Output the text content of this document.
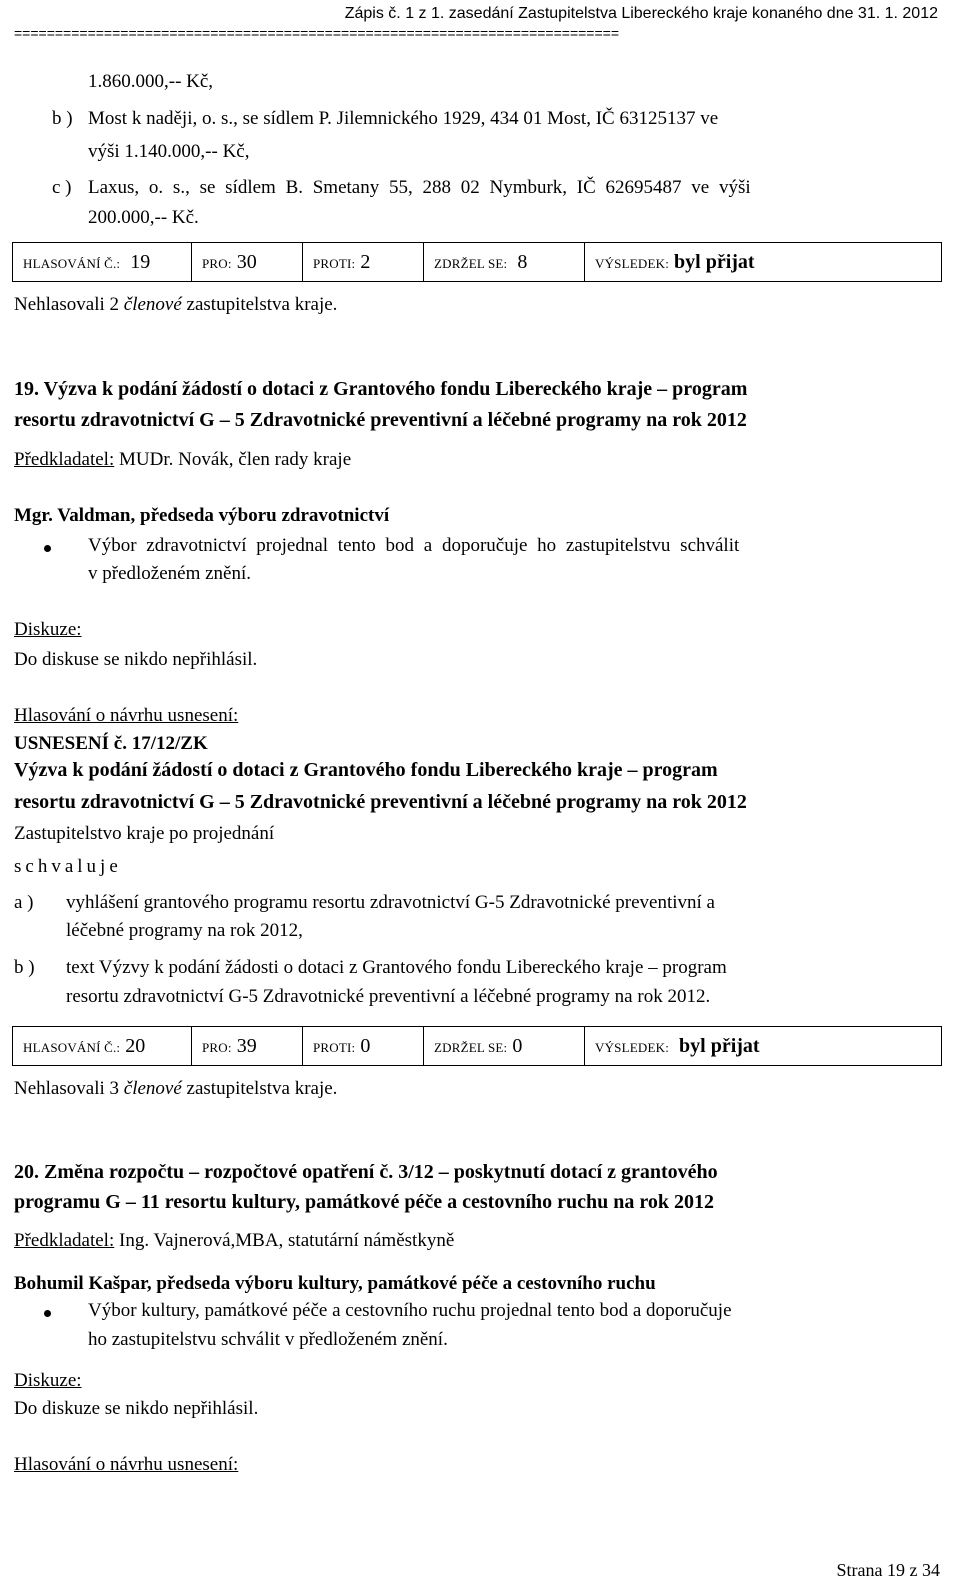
Zápis č. 1 z 1. zasedání Zastupitelstva Libereckého kraje konaného dne 31. 1. 2012
==========================================================================
1.860.000,-- Kč,
b ) Most k naději, o. s., se sídlem P. Jilemnického 1929, 434 01 Most, IČ 63125137 ve
výši 1.140.000,-- Kč,
c ) Laxus, o. s., se sídlem B. Smetany 55, 288 02 Nymburk, IČ 62695487 ve výši
200.000,-- Kč.
HLASOVÁNÍ Č.: 19	PRO: 30	PROTI: 2	ZDRŽEL SE: 8	VÝSLEDEK: byl přijat
Nehlasovali 2 členové zastupitelstva kraje.
19. Výzva k podání žádostí o dotaci z Grantového fondu Libereckého kraje – program
resortu zdravotnictví G – 5 Zdravotnické preventivní a léčebné programy na rok 2012
Předkladatel: MUDr. Novák, člen rady kraje
Mgr. Valdman, předseda výboru zdravotnictví
Výbor zdravotnictví projednal tento bod a doporučuje ho zastupitelstvu schválit
v předloženém znění.
Diskuze:
Do diskuse se nikdo nepřihlásil.
Hlasování o návrhu usnesení:
USNESENÍ č. 17/12/ZK
Výzva k podání žádostí o dotaci z Grantového fondu Libereckého kraje – program
resortu zdravotnictví G – 5 Zdravotnické preventivní a léčebné programy na rok 2012
Zastupitelstvo kraje po projednání
schvaluje
a ) vyhlášení grantového programu resortu zdravotnictví G-5 Zdravotnické preventivní a
léčebné programy na rok 2012,
b ) text Výzvy k podání žádosti o dotaci z Grantového fondu Libereckého kraje – program
resortu zdravotnictví G-5 Zdravotnické preventivní a léčebné programy na rok 2012.
HLASOVÁNÍ Č.: 20	PRO: 39	PROTI: 0	ZDRŽEL SE: 0	VÝSLEDEK: byl přijat
Nehlasovali 3 členové zastupitelstva kraje.
20. Změna rozpočtu – rozpočtové opatření č. 3/12 – poskytnutí dotací z grantového
programu G – 11 resortu kultury, památkové péče a cestovního ruchu na rok 2012
Předkladatel: Ing. Vajnerová,MBA, statutární náměstkyně
Bohumil Kašpar, předseda výboru kultury, památkové péče a cestovního ruchu
Výbor kultury, památkové péče a cestovního ruchu projednal tento bod a doporučuje
ho zastupitelstvu schválit v předloženém znění.
Diskuze:
Do diskuze se nikdo nepřihlásil.
Hlasování o návrhu usnesení:
Strana 19 z 34
